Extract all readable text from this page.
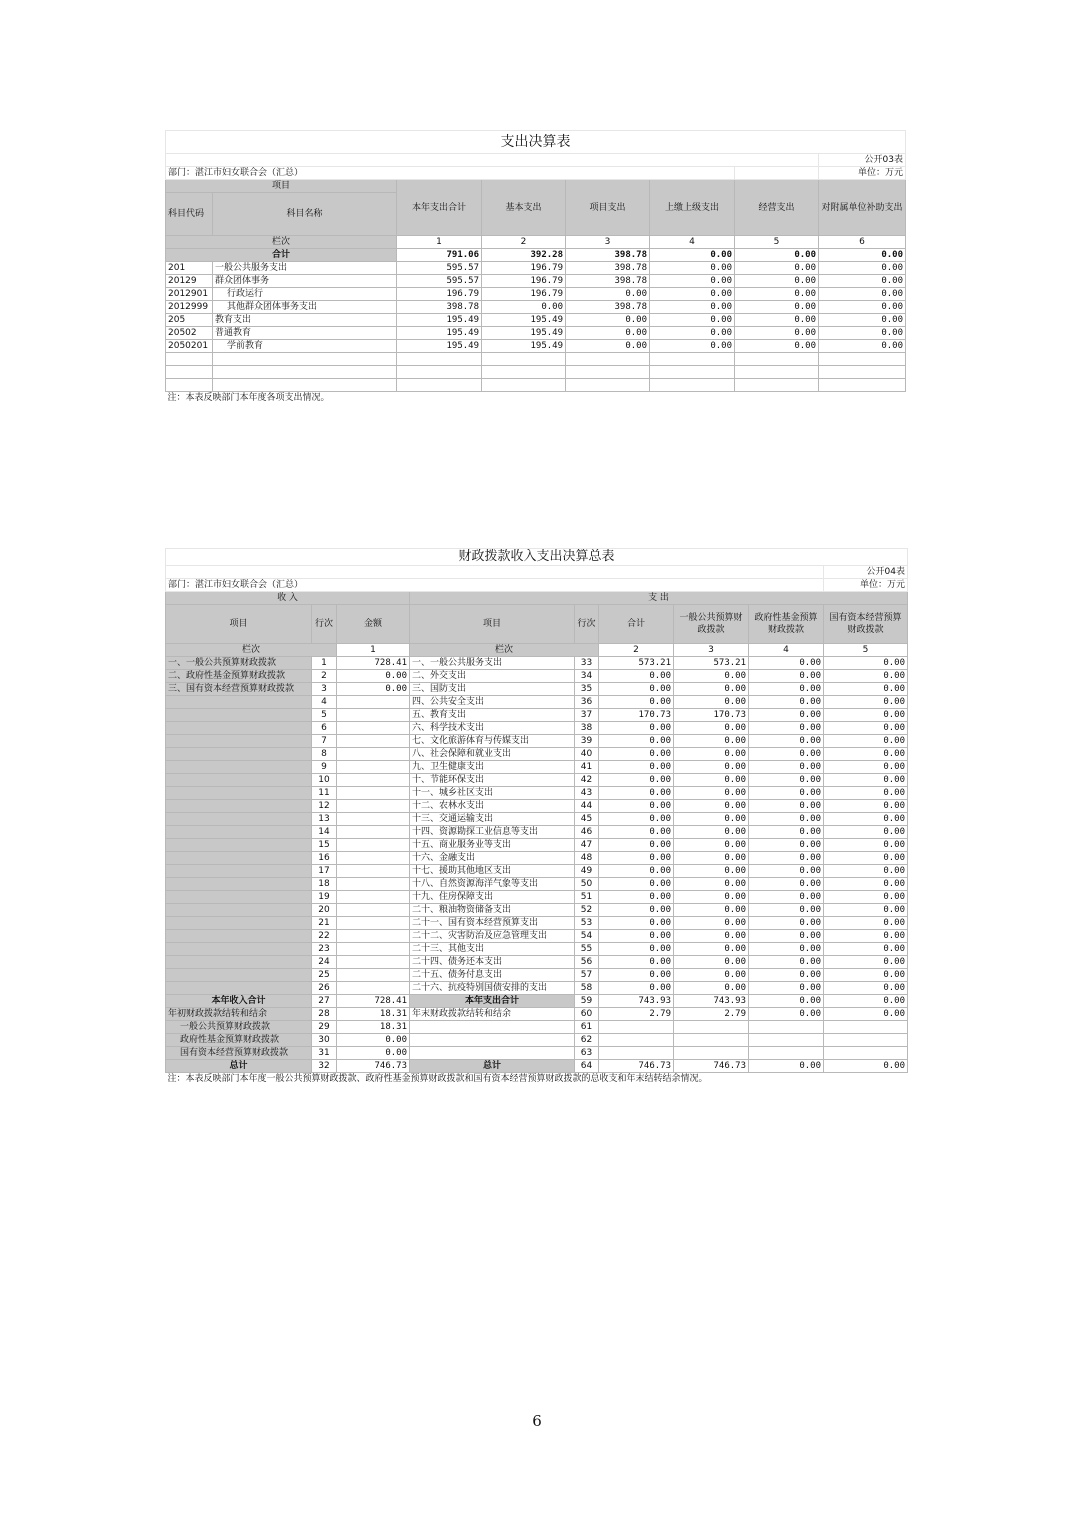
支出决算表							
							公开03表
部门：湛江市妇女联合会（汇总）							单位：万元
项目		本年支出合计	基本支出	项目支出	上缴上级支出	经营支出	对附属单位补助支出
科目代码	科目名称						
栏次		1	2	3	4	5	6
合计		791.06	392.28	398.78	0.00	0.00	0.00
201	一般公共服务支出	595.57	196.79	398.78	0.00	0.00	0.00
20129	群众团体事务	595.57	196.79	398.78	0.00	0.00	0.00
2012901	行政运行	196.79	196.79	0.00	0.00	0.00	0.00
2012999	其他群众团体事务支出	398.78	0.00	398.78	0.00	0.00	0.00
205	教育支出	195.49	195.49	0.00	0.00	0.00	0.00
20502	普通教育	195.49	195.49	0.00	0.00	0.00	0.00
2050201	学前教育	195.49	195.49	0.00	0.00	0.00	0.00

注：本表反映部门本年度各项支出情况。							
财政拨款收入支出决算总表								
								公开04表
部门：湛江市妇女联合会（汇总）								单位：万元
收 入			支 出					
项目	行次	金额	项目	行次	合计	一般公共预算财政拨款	政府性基金预算财政拨款	国有资本经营预算财政拨款
栏次		1	栏次		2	3	4	5
一、一般公共预算财政拨款	1	728.41	一、一般公共服务支出	33	573.21	573.21	0.00	0.00
二、政府性基金预算财政拨款	2	0.00	二、外交支出	34	0.00	0.00	0.00	0.00
三、国有资本经营预算财政拨款	3	0.00	三、国防支出	35	0.00	0.00	0.00	0.00
	4		四、公共安全支出	36	0.00	0.00	0.00	0.00
	5		五、教育支出	37	170.73	170.73	0.00	0.00
	6		六、科学技术支出	38	0.00	0.00	0.00	0.00
	7		七、文化旅游体育与传媒支出	39	0.00	0.00	0.00	0.00
	8		八、社会保障和就业支出	40	0.00	0.00	0.00	0.00
	9		九、卫生健康支出	41	0.00	0.00	0.00	0.00
	10		十、节能环保支出	42	0.00	0.00	0.00	0.00
	11		十一、城乡社区支出	43	0.00	0.00	0.00	0.00
	12		十二、农林水支出	44	0.00	0.00	0.00	0.00
	13		十三、交通运输支出	45	0.00	0.00	0.00	0.00
	14		十四、资源勘探工业信息等支出	46	0.00	0.00	0.00	0.00
	15		十五、商业服务业等支出	47	0.00	0.00	0.00	0.00
	16		十六、金融支出	48	0.00	0.00	0.00	0.00
	17		十七、援助其他地区支出	49	0.00	0.00	0.00	0.00
	18		十八、自然资源海洋气象等支出	50	0.00	0.00	0.00	0.00
	19		十九、住房保障支出	51	0.00	0.00	0.00	0.00
	20		二十、粮油物资储备支出	52	0.00	0.00	0.00	0.00
	21		二十一、国有资本经营预算支出	53	0.00	0.00	0.00	0.00
	22		二十二、灾害防治及应急管理支出	54	0.00	0.00	0.00	0.00
	23		二十三、其他支出	55	0.00	0.00	0.00	0.00
	24		二十四、债务还本支出	56	0.00	0.00	0.00	0.00
	25		二十五、债务付息支出	57	0.00	0.00	0.00	0.00
	26		二十六、抗疫特别国债安排的支出	58	0.00	0.00	0.00	0.00
本年收入合计	27	728.41	本年支出合计	59	743.93	743.93	0.00	0.00
年初财政拨款结转和结余	28	18.31	年末财政拨款结转和结余	60	2.79	2.79	0.00	0.00
一般公共预算财政拨款	29	18.31		61				
政府性基金预算财政拨款	30	0.00		62				
国有资本经营预算财政拨款	31	0.00		63				
总计	32	746.73	总计	64	746.73	746.73	0.00	0.00
注：本表反映部门本年度一般公共预算财政拨款、政府性基金预算财政拨款和国有资本经营预算财政拨款的总收支和年末结转结余情况。								
6
